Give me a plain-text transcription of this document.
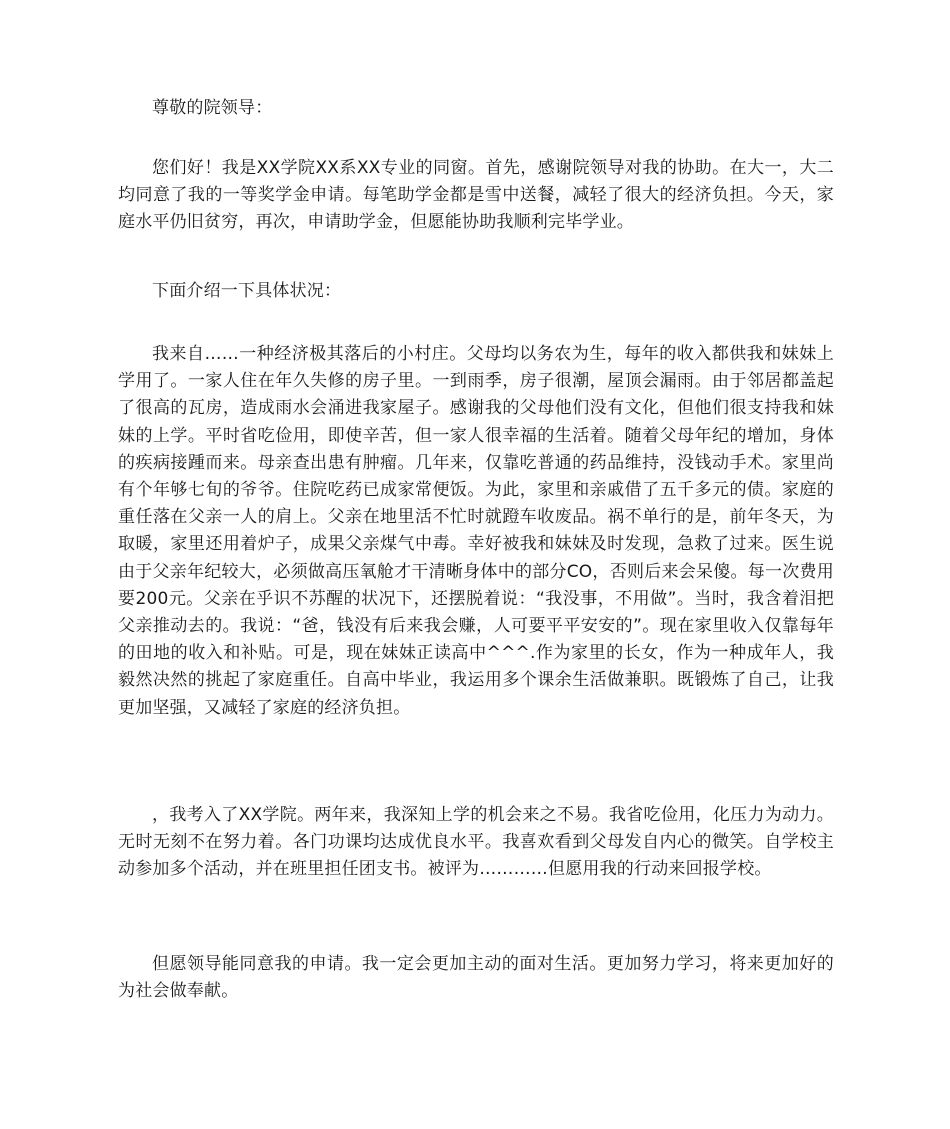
尊敬的院领导：

您们好！我是XX学院XX系XX专业的同窗。首先，感谢院领导对我的协助。在大一，大二均同意了我的一等奖学金申请。每笔助学金都是雪中送餐，减轻了很大的经济负担。今天，家庭水平仍旧贫穷，再次，申请助学金，但愿能协助我顺利完毕学业。

下面介绍一下具体状况：

我来自……一种经济极其落后的小村庄。父母均以务农为生，每年的收入都供我和妹妹上学用了。一家人住在年久失修的房子里。一到雨季，房子很潮，屋顶会漏雨。由于邻居都盖起了很高的瓦房，造成雨水会涌进我家屋子。感谢我的父母他们没有文化，但他们很支持我和妹妹的上学。平时省吃俭用，即使辛苦，但一家人很幸福的生活着。随着父母年纪的增加，身体的疾病接踵而来。母亲查出患有肿瘤。几年来，仅靠吃普通的药品维持，没钱动手术。家里尚有个年够七旬的爷爷。住院吃药已成家常便饭。为此，家里和亲戚借了五千多元的债。家庭的重任落在父亲一人的肩上。父亲在地里活不忙时就蹬车收废品。祸不单行的是，前年冬天，为取暖，家里还用着炉子，成果父亲煤气中毒。幸好被我和妹妹及时发现，急救了过来。医生说由于父亲年纪较大，必须做高压氧舱才干清晰身体中的部分CO，否则后来会呆傻。每一次费用要200元。父亲在乎识不苏醒的状况下，还摆脱着说：“我没事，不用做”。当时，我含着泪把父亲推动去的。我说：“爸，钱没有后来我会赚，人可要平平安安的”。现在家里收入仅靠每年的田地的收入和补贴。可是，现在妹妹正读高中^^^.作为家里的长女，作为一种成年人，我毅然决然的挑起了家庭重任。自高中毕业，我运用多个课余生活做兼职。既锻炼了自己，让我更加坚强，又减轻了家庭的经济负担。

，我考入了XX学院。两年来，我深知上学的机会来之不易。我省吃俭用，化压力为动力。无时无刻不在努力着。各门功课均达成优良水平。我喜欢看到父母发自内心的微笑。自学校主动参加多个活动，并在班里担任团支书。被评为…………但愿用我的行动来回报学校。

但愿领导能同意我的申请。我一定会更加主动的面对生活。更加努力学习，将来更加好的为社会做奉献。
